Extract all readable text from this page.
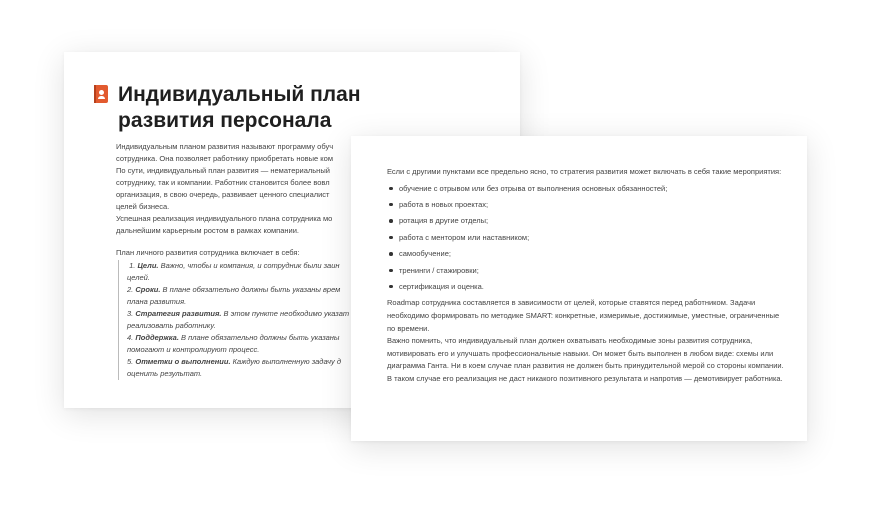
Индивидуальный план развития персонала

Индивидуальным планом развития называют программу обуч

сотрудника. Она позволяет работнику приобретать новые ком

По сути, индивидуальный план развития — нематериальный

сотруднику, так и компании. Работник становится более вовл

организация, в свою очередь, развивает ценного специалист

целей бизнеса.

Успешная реализация индивидуального плана сотрудника мо

дальнейшим карьерным ростом в рамках компании.

План личного развития сотрудника включает в себя:

1. Цели. Важно, чтобы и компания, и сотрудник были заин
целей.
2. Сроки. В плане обязательно должны быть указаны врем
плана развития.
3. Стратегия развития. В этом пункте необходимо указат
реализовать работнику.
4. Поддержка. В плане обязательно должны быть указаны
помогают и контролируют процесс.
5. Отметки о выполнении. Каждую выполненную задачу д
оценить результат.

Если с другими пунктами все предельно ясно, то стратегия развития может включать в себя такие мероприятия:

обучение с отрывом или без отрыва от выполнения основных обязанностей;
работа в новых проектах;
ротация в другие отделы;
работа с ментором или наставником;
самообучение;
тренинги / стажировки;
сертификация и оценка.

Roadmap сотрудника составляется в зависимости от целей, которые ставятся перед работником. Задачи необходимо формировать по методике SMART: конкретные, измеримые, достижимые, уместные, ограниченные по времени.

Важно помнить, что индивидуальный план должен охватывать необходимые зоны развития сотрудника, мотивировать его и улучшать профессиональные навыки. Он может быть выполнен в любом виде: схемы или диаграмма Ганта. Ни в коем случае план развития не должен быть принудительной мерой со стороны компании. В таком случае его реализация не даст никакого позитивного результата и напротив — демотивирует работника.
